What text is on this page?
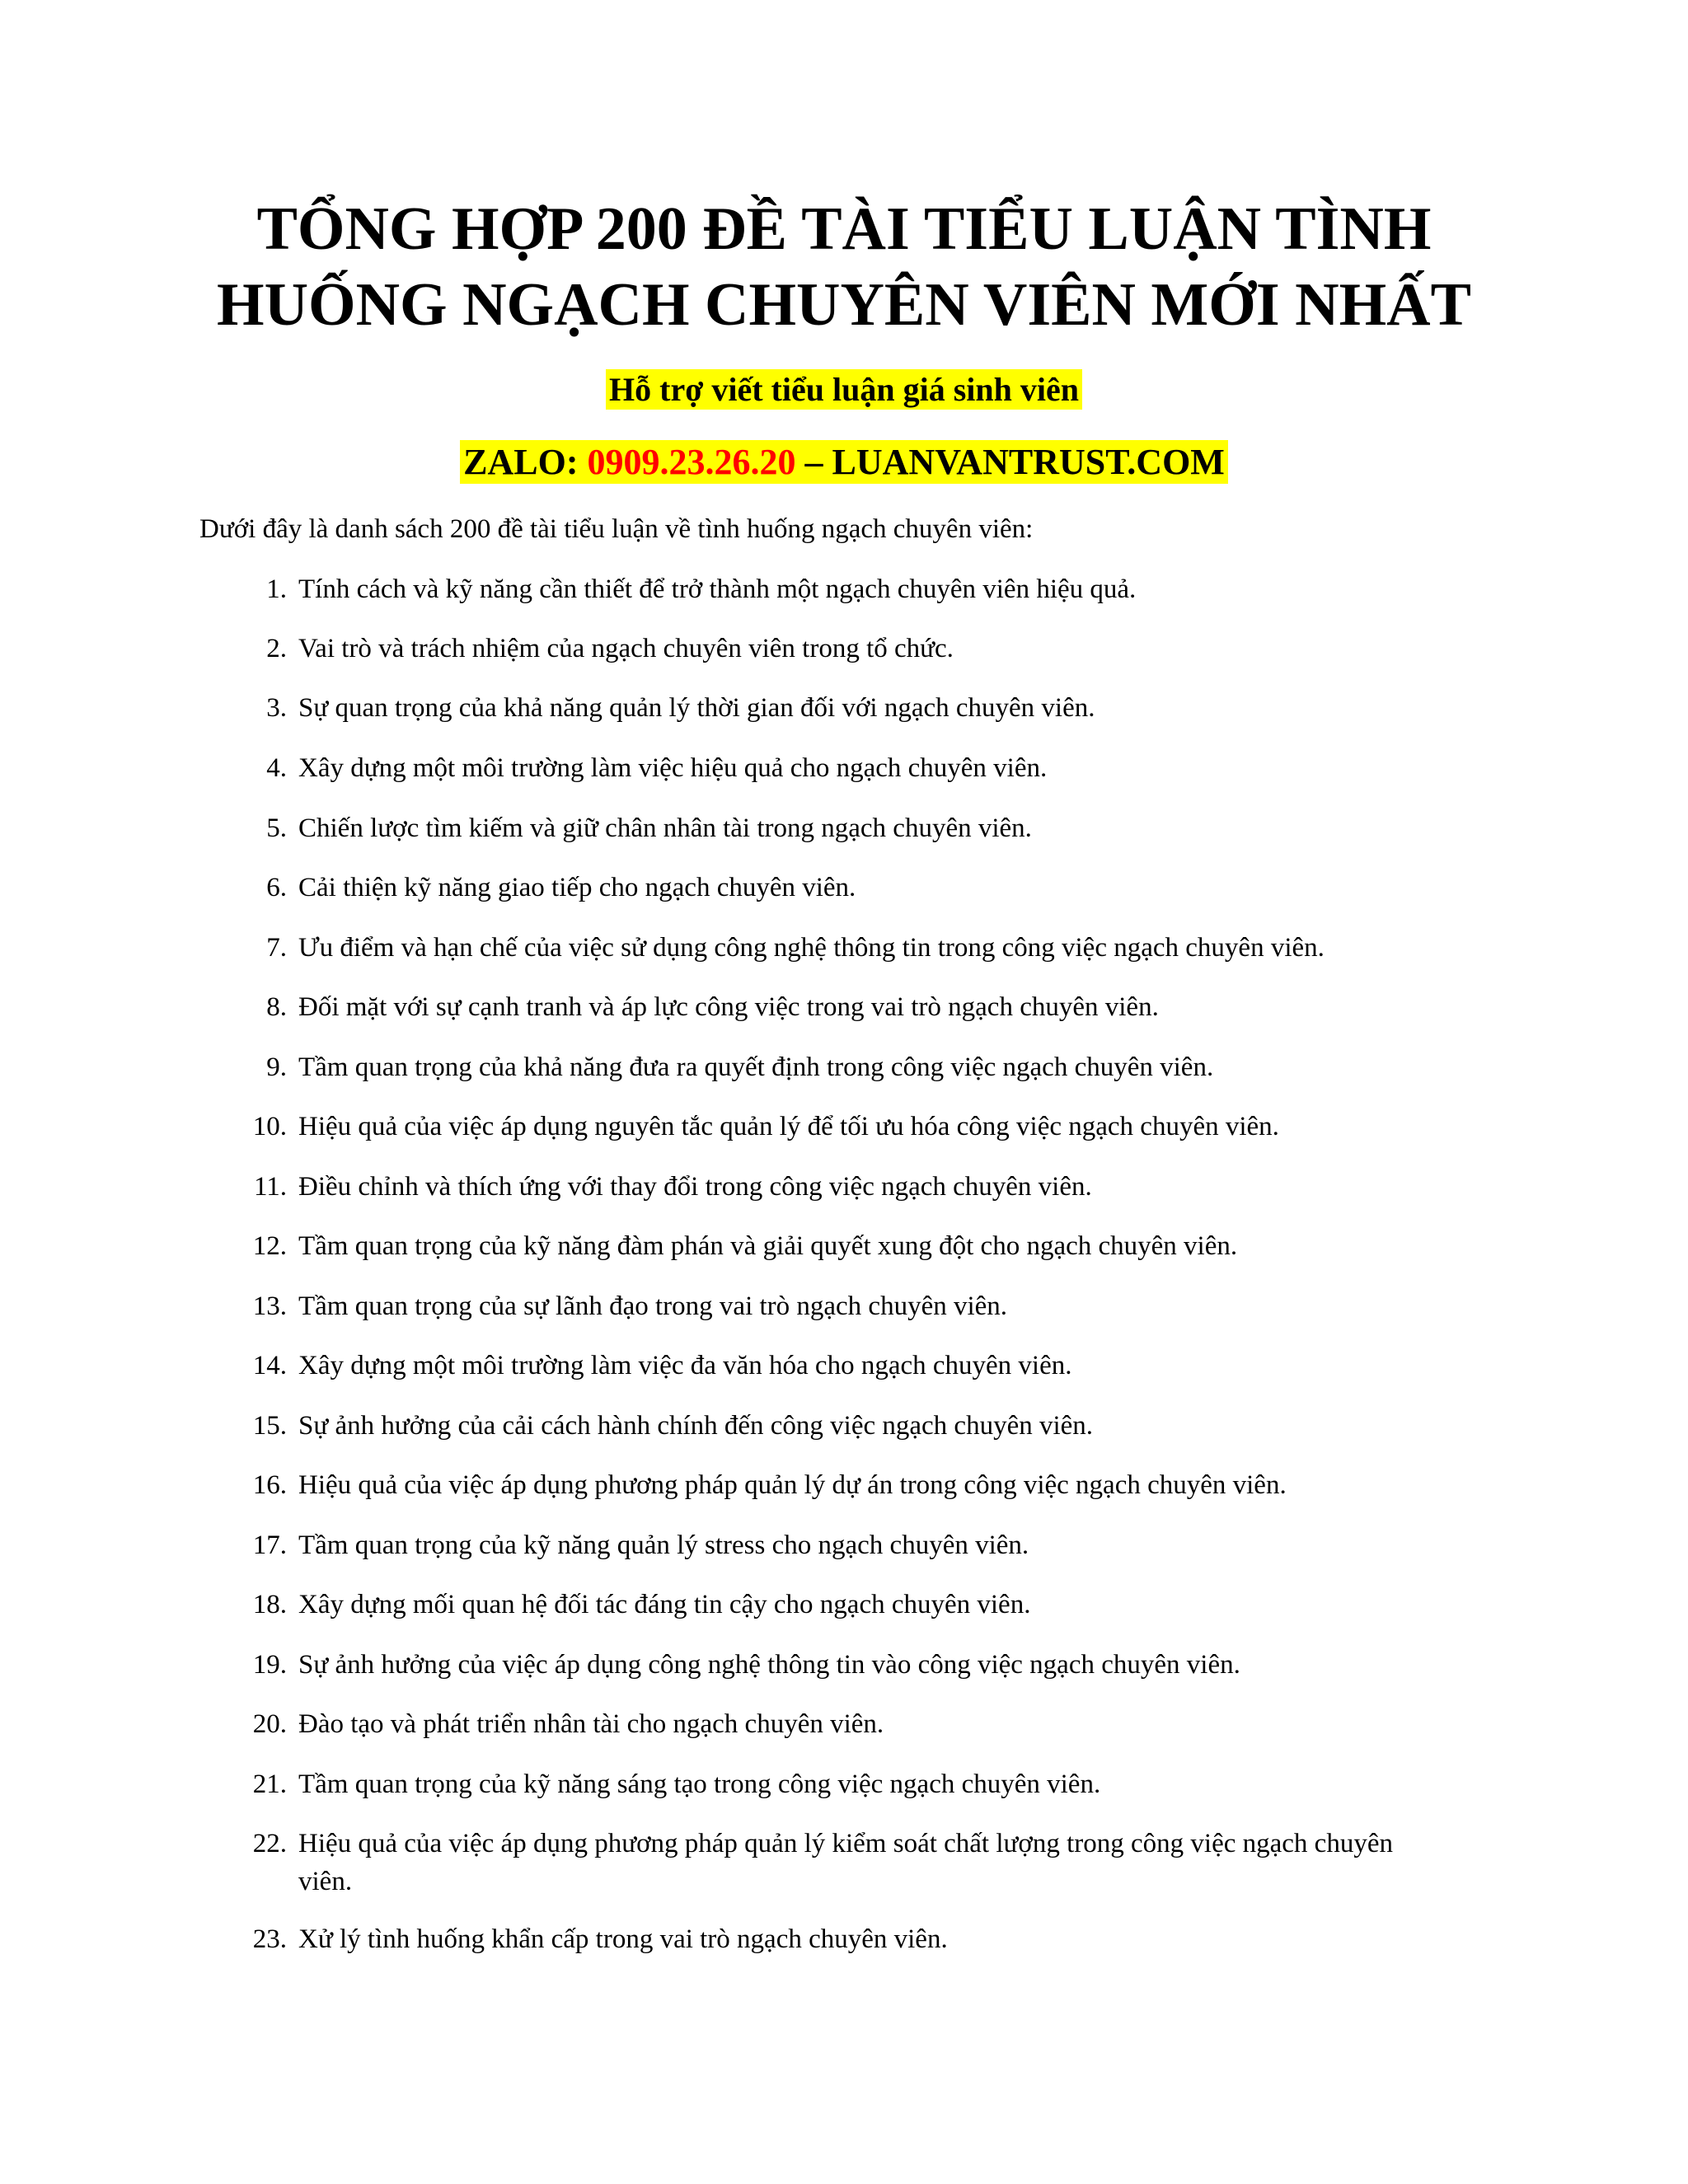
TỔNG HỢP 200 ĐỀ TÀI TIỂU LUẬN TÌNH
HUỐNG NGẠCH CHUYÊN VIÊN MỚI NHẤT
Hỗ trợ viết tiểu luận giá sinh viên
ZALO: 0909.23.26.20 – LUANVANTRUST.COM

Dưới đây là danh sách 200 đề tài tiểu luận về tình huống ngạch chuyên viên:

1. Tính cách và kỹ năng cần thiết để trở thành một ngạch chuyên viên hiệu quả.
2. Vai trò và trách nhiệm của ngạch chuyên viên trong tổ chức.
3. Sự quan trọng của khả năng quản lý thời gian đối với ngạch chuyên viên.
4. Xây dựng một môi trường làm việc hiệu quả cho ngạch chuyên viên.
5. Chiến lược tìm kiếm và giữ chân nhân tài trong ngạch chuyên viên.
6. Cải thiện kỹ năng giao tiếp cho ngạch chuyên viên.
7. Ưu điểm và hạn chế của việc sử dụng công nghệ thông tin trong công việc ngạch chuyên viên.
8. Đối mặt với sự cạnh tranh và áp lực công việc trong vai trò ngạch chuyên viên.
9. Tầm quan trọng của khả năng đưa ra quyết định trong công việc ngạch chuyên viên.
10. Hiệu quả của việc áp dụng nguyên tắc quản lý để tối ưu hóa công việc ngạch chuyên viên.
11. Điều chỉnh và thích ứng với thay đổi trong công việc ngạch chuyên viên.
12. Tầm quan trọng của kỹ năng đàm phán và giải quyết xung đột cho ngạch chuyên viên.
13. Tầm quan trọng của sự lãnh đạo trong vai trò ngạch chuyên viên.
14. Xây dựng một môi trường làm việc đa văn hóa cho ngạch chuyên viên.
15. Sự ảnh hưởng của cải cách hành chính đến công việc ngạch chuyên viên.
16. Hiệu quả của việc áp dụng phương pháp quản lý dự án trong công việc ngạch chuyên viên.
17. Tầm quan trọng của kỹ năng quản lý stress cho ngạch chuyên viên.
18. Xây dựng mối quan hệ đối tác đáng tin cậy cho ngạch chuyên viên.
19. Sự ảnh hưởng của việc áp dụng công nghệ thông tin vào công việc ngạch chuyên viên.
20. Đào tạo và phát triển nhân tài cho ngạch chuyên viên.
21. Tầm quan trọng của kỹ năng sáng tạo trong công việc ngạch chuyên viên.
22. Hiệu quả của việc áp dụng phương pháp quản lý kiểm soát chất lượng trong công việc ngạch chuyên viên.
23. Xử lý tình huống khẩn cấp trong vai trò ngạch chuyên viên.
